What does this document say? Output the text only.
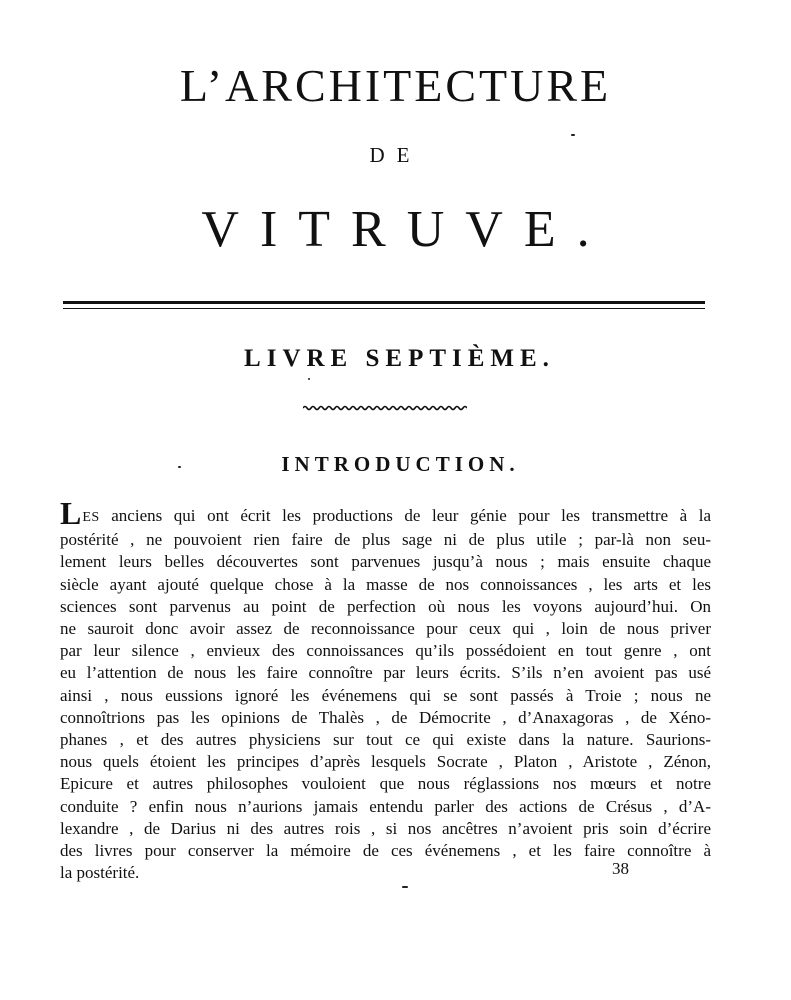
L’ARCHITECTURE
DE
VITRUVE.
LIVRE SEPTIÈME.
INTRODUCTION.
LES anciens qui ont écrit les productions de leur génie pour les transmettre à la
postérité , ne pouvoient rien faire de plus sage ni de plus utile ; par-là non seu-
lement leurs belles découvertes sont parvenues jusqu’à nous ; mais ensuite chaque
siècle ayant ajouté quelque chose à la masse de nos connoissances , les arts et les
sciences sont parvenus au point de perfection où nous les voyons aujourd’hui. On
ne sauroit donc avoir assez de reconnoissance pour ceux qui , loin de nous priver
par leur silence , envieux des connoissances qu’ils possédoient en tout genre , ont
eu l’attention de nous les faire connoître par leurs écrits. S’ils n’en avoient pas usé
ainsi , nous eussions ignoré les événemens qui se sont passés à Troie ; nous ne
connoîtrions pas les opinions de Thalès , de Démocrite , d’Anaxagoras , de Xéno-
phanes , et des autres physiciens sur tout ce qui existe dans la nature. Saurions-
nous quels étoient les principes d’après lesquels Socrate , Platon , Aristote , Zénon,
Epicure et autres philosophes vouloient que nous réglassions nos mœurs et notre
conduite ? enfin nous n’aurions jamais entendu parler des actions de Crésus , d’A-
lexandre , de Darius ni des autres rois , si nos ancêtres n’avoient pris soin d’écrire
des livres pour conserver la mémoire de ces événemens , et les faire connoître à
la postérité.	38
